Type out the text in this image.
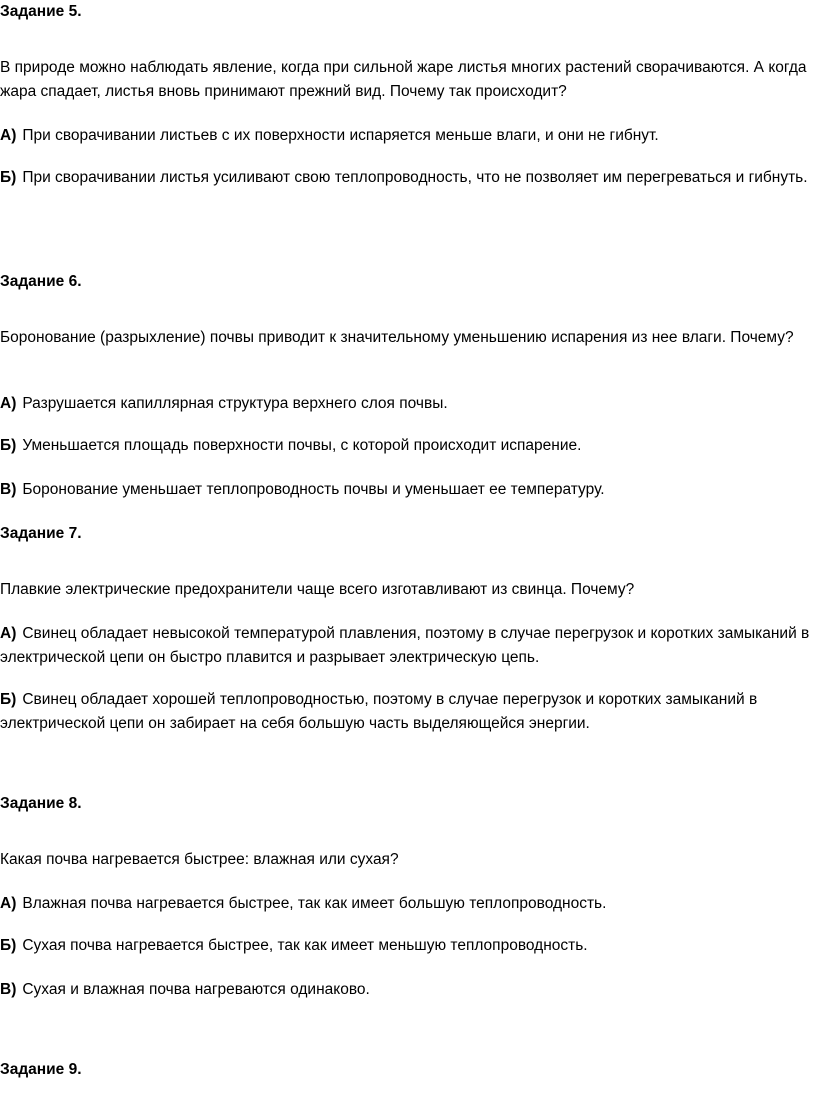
Задание 5.
В природе можно наблюдать явление, когда при сильной жаре листья многих растений сворачиваются. А когда жара спадает, листья вновь принимают прежний вид. Почему так происходит?
А) При сворачивании листьев с их поверхности испаряется меньше влаги, и они не гибнут.
Б) При сворачивании листья усиливают свою теплопроводность, что не позволяет им перегреваться и гибнуть.
Задание 6.
Боронование (разрыхление) почвы приводит к значительному уменьшению испарения из нее влаги. Почему?
А) Разрушается капиллярная структура верхнего слоя почвы.
Б) Уменьшается площадь поверхности почвы, с которой происходит испарение.
В) Боронование уменьшает теплопроводность почвы и уменьшает ее температуру.
Задание 7.
Плавкие электрические предохранители чаще всего изготавливают из свинца. Почему?
А) Свинец обладает невысокой температурой плавления, поэтому в случае перегрузок и коротких замыканий в электрической цепи он быстро плавится и разрывает электрическую цепь.
Б) Свинец обладает хорошей теплопроводностью, поэтому в случае перегрузок и коротких замыканий в электрической цепи он забирает на себя большую часть выделяющейся энергии.
Задание 8.
Какая почва нагревается быстрее: влажная или сухая?
А) Влажная почва нагревается быстрее, так как имеет большую теплопроводность.
Б) Сухая почва нагревается быстрее, так как имеет меньшую теплопроводность.
В) Сухая и влажная почва нагреваются одинаково.
Задание 9.
